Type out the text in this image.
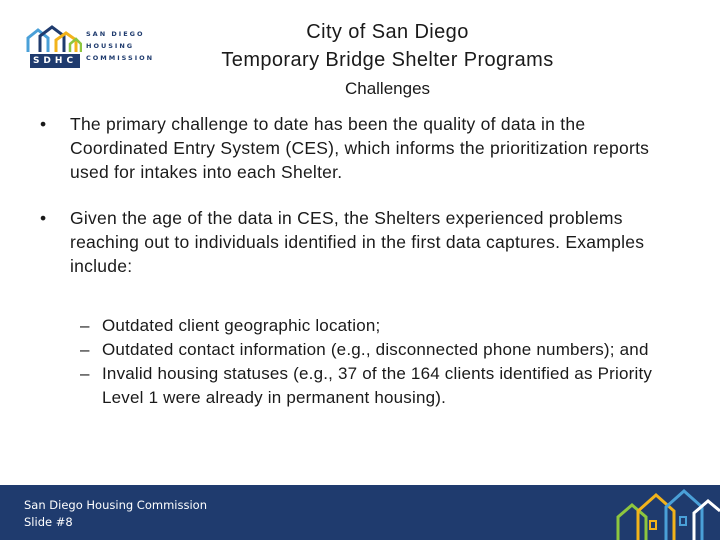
SAN DIEGO
HOUSING
COMMISSION
SDHC
City of San Diego
Temporary Bridge Shelter Programs
Challenges
• The primary challenge to date has been the quality of data in the Coordinated Entry System (CES), which informs the prioritization reports used for intakes into each Shelter.
• Given the age of the data in CES, the Shelters experienced problems reaching out to individuals identified in the first data captures. Examples include:
– Outdated client geographic location;
– Outdated contact information (e.g., disconnected phone numbers); and
– Invalid housing statuses (e.g., 37 of the 164 clients identified as Priority Level 1 were already in permanent housing).
San Diego Housing Commission
Slide #8
